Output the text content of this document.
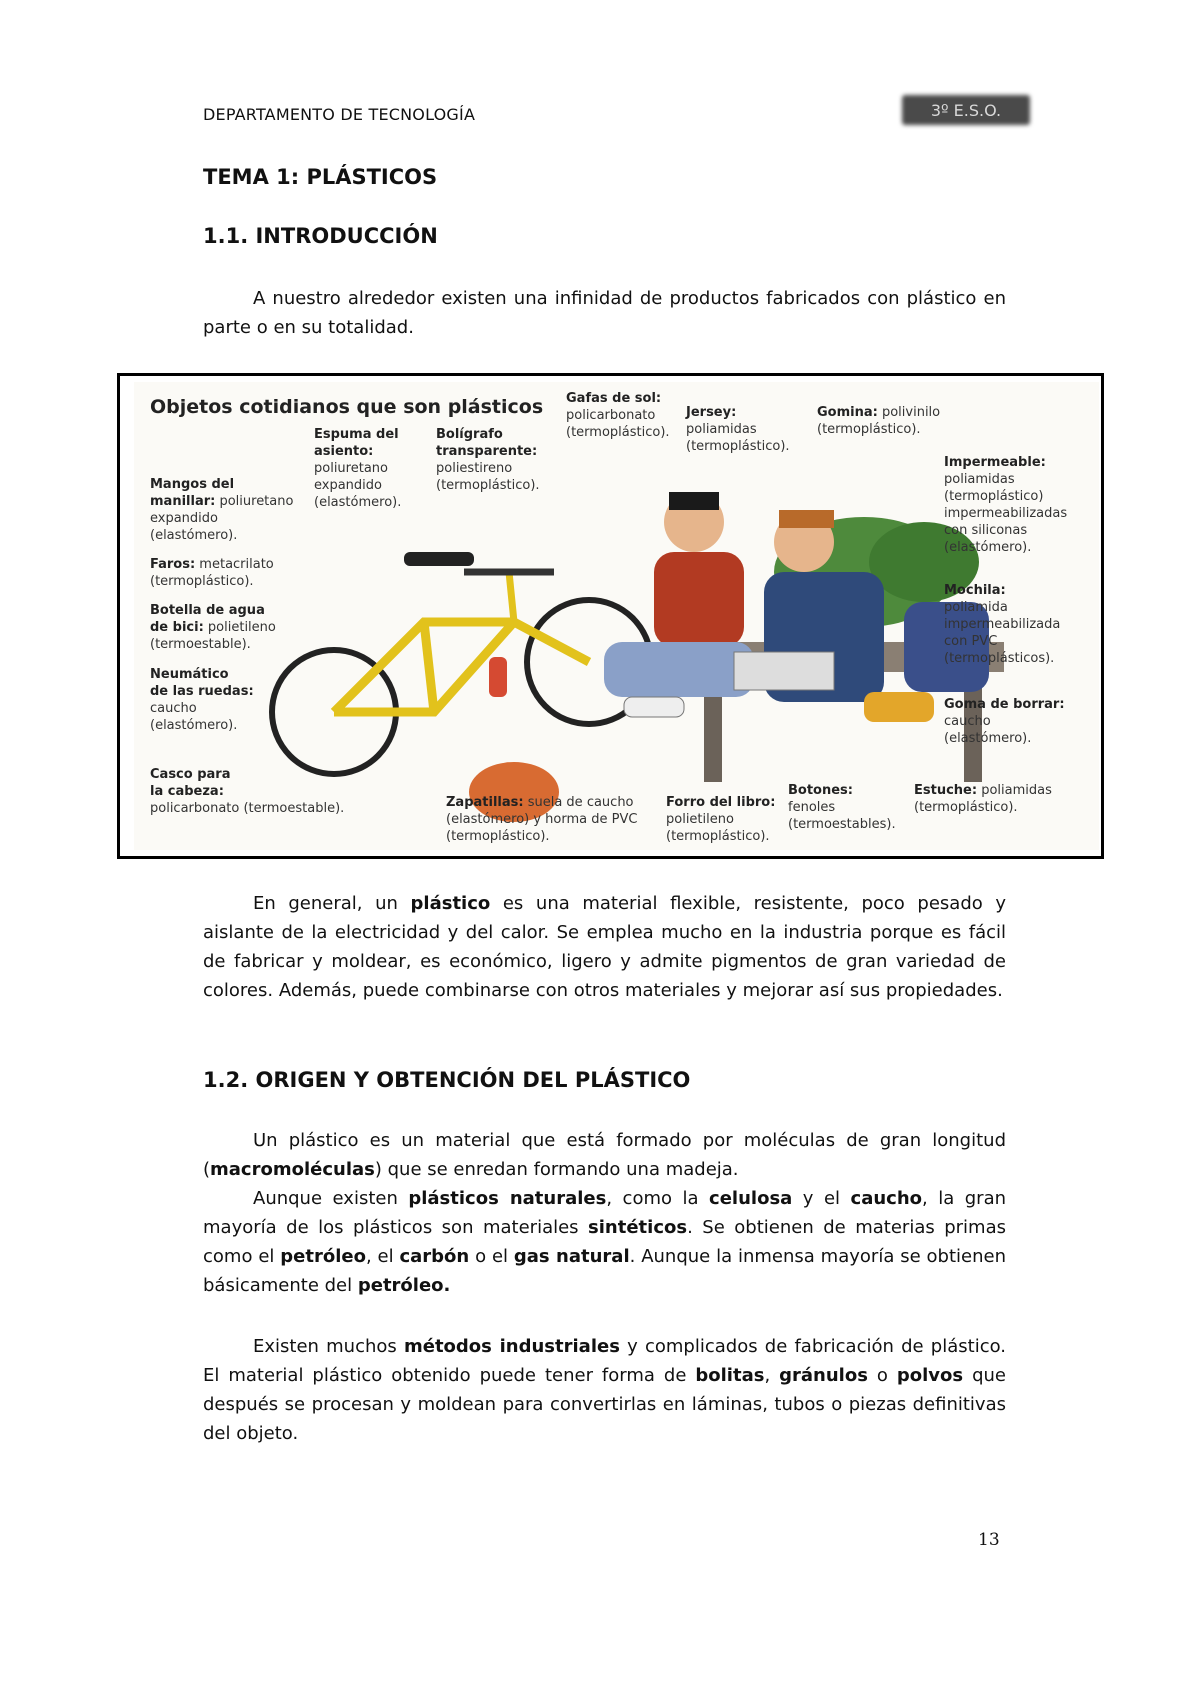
DEPARTAMENTO DE TECNOLOGÍA	3º E.S.O.
TEMA 1: PLÁSTICOS
1.1. INTRODUCCIÓN

A nuestro alrededor existen una infinidad de productos fabricados con plástico en parte o en su totalidad.

Objetos cotidianos que son plásticos
Mangos del
manillar: poliuretano
expandido
(elastómero).
Faros: metacrilato
(termoplástico).
Botella de agua
de bici: polietileno
(termoestable).
Neumático
de las ruedas:
caucho
(elastómero).
Casco para
la cabeza:
policarbonato (termoestable).
Espuma del
asiento:
poliuretano
expandido
(elastómero).
Bolígrafo
transparente:
poliestireno
(termoplástico).
Gafas de sol:
policarbonato
(termoplástico).
Jersey:
poliamidas
(termoplástico).
Gomina: polivinilo
(termoplástico).
Impermeable:
poliamidas
(termoplástico)
impermeabilizadas
con siliconas
(elastómero).
Mochila:
poliamida
impermeabilizada
con PVC
(termoplásticos).
Goma de borrar:
caucho
(elastómero).
Zapatillas: suela de caucho
(elastómero) y horma de PVC
(termoplástico).
Forro del libro:
polietileno
(termoplástico).
Botones:
fenoles
(termoestables).
Estuche: poliamidas
(termoplástico).

En general, un plástico es una material flexible, resistente, poco pesado y aislante de la electricidad y del calor. Se emplea mucho en la industria porque es fácil de fabricar y moldear, es económico, ligero y admite pigmentos de gran variedad de colores. Además, puede combinarse con otros materiales y mejorar así sus propiedades.

1.2. ORIGEN Y OBTENCIÓN DEL PLÁSTICO

Un plástico es un material que está formado por moléculas de gran longitud (macromoléculas) que se enredan formando una madeja.

Aunque existen plásticos naturales, como la celulosa y el caucho, la gran mayoría de los plásticos son materiales sintéticos. Se obtienen de materias primas como el petróleo, el carbón o el gas natural. Aunque la inmensa mayoría se obtienen básicamente del petróleo.

Existen muchos métodos industriales y complicados de fabricación de plástico. El material plástico obtenido puede tener forma de bolitas, gránulos o polvos que después se procesan y moldean para convertirlas en láminas, tubos o piezas definitivas del objeto.

13
